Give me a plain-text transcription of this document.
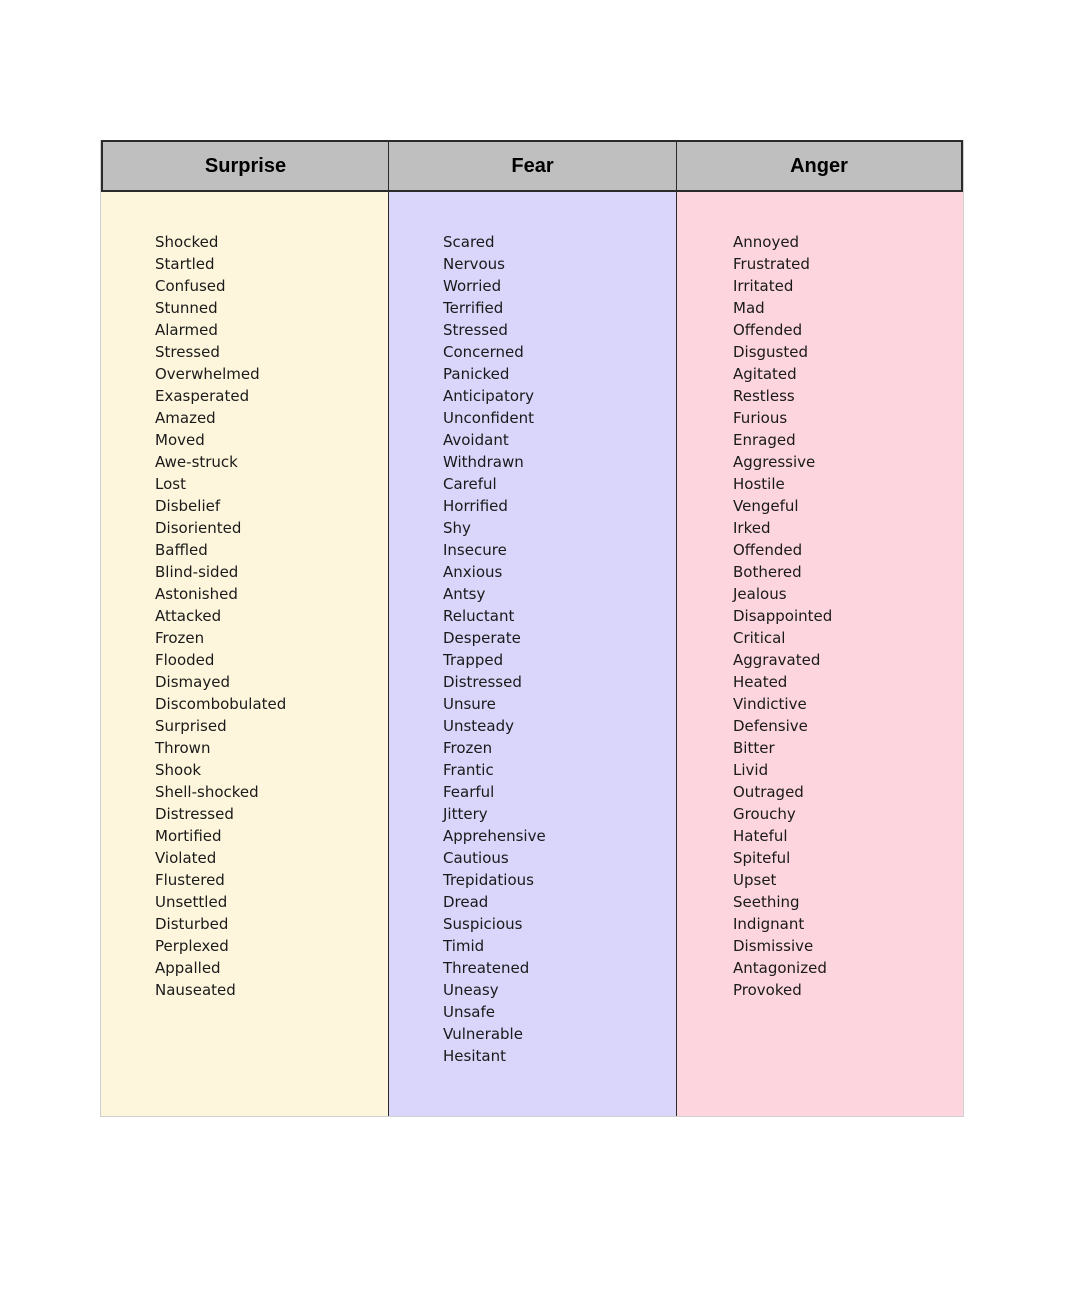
Surprise
Shocked
Startled
Confused
Stunned
Alarmed
Stressed
Overwhelmed
Exasperated
Amazed
Moved
Awe-struck
Lost
Disbelief
Disoriented
Baffled
Blind-sided
Astonished
Attacked
Frozen
Flooded
Dismayed
Discombobulated
Surprised
Thrown
Shook
Shell-shocked
Distressed
Mortified
Violated
Flustered
Unsettled
Disturbed
Perplexed
Appalled
Nauseated
Fear
Scared
Nervous
Worried
Terrified
Stressed
Concerned
Panicked
Anticipatory
Unconfident
Avoidant
Withdrawn
Careful
Horrified
Shy
Insecure
Anxious
Antsy
Reluctant
Desperate
Trapped
Distressed
Unsure
Unsteady
Frozen
Frantic
Fearful
Jittery
Apprehensive
Cautious
Trepidatious
Dread
Suspicious
Timid
Threatened
Uneasy
Unsafe
Vulnerable
Hesitant
Anger
Annoyed
Frustrated
Irritated
Mad
Offended
Disgusted
Agitated
Restless
Furious
Enraged
Aggressive
Hostile
Vengeful
Irked
Offended
Bothered
Jealous
Disappointed
Critical
Aggravated
Heated
Vindictive
Defensive
Bitter
Livid
Outraged
Grouchy
Hateful
Spiteful
Upset
Seething
Indignant
Dismissive
Antagonized
Provoked
